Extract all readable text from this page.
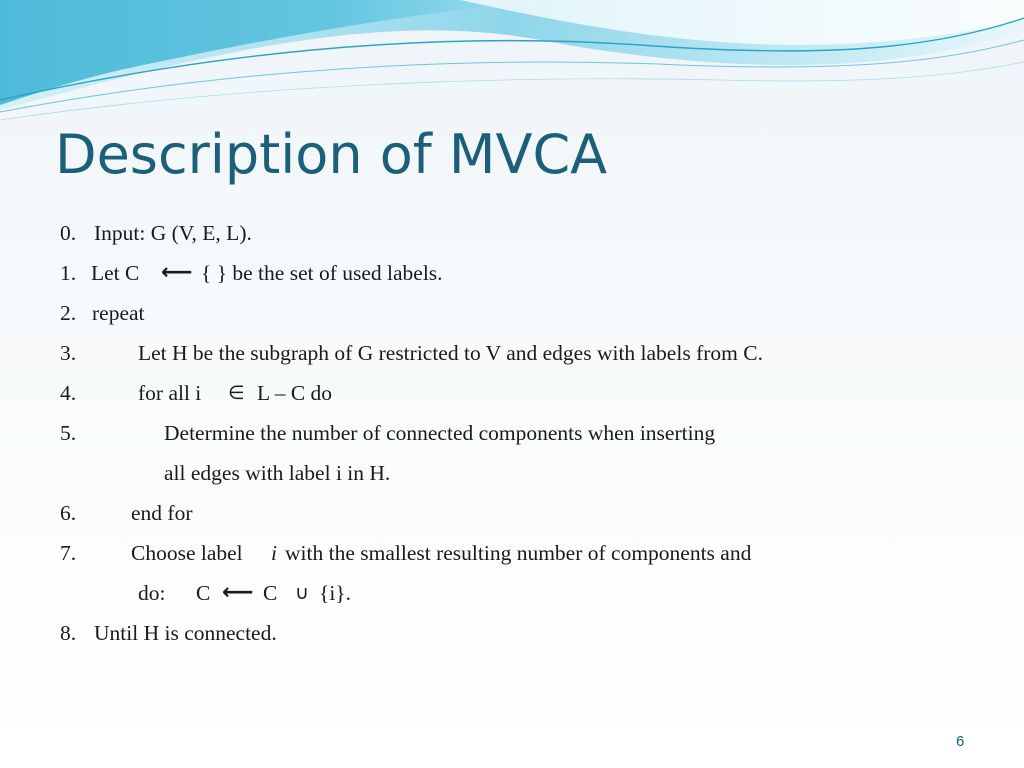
Description of MVCA
0. Input: G (V, E, L).
1. Let C ⟵ { } be the set of used labels.
2. repeat
3.	Let H be the subgraph of G restricted to V and edges with labels from C.
4.	for all i ∈ L – C do
5.	Determine the number of connected components when inserting
all edges with label i in H.
6.	end for
7.	Choose label i with the smallest resulting number of components and
do: C ⟵ C ∪ {i}.
8. Until H is connected.
6
